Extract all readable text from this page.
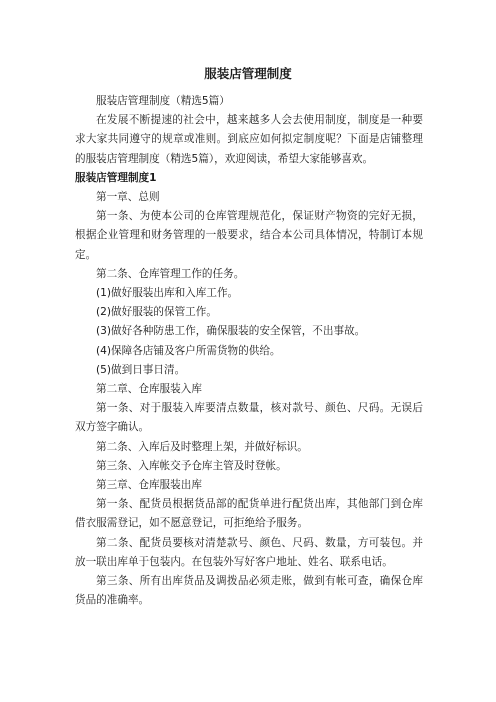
服装店管理制度

服装店管理制度（精选5篇）

在发展不断提速的社会中，越来越多人会去使用制度，制度是一种要求大家共同遵守的规章或准则。到底应如何拟定制度呢？下面是店铺整理的服装店管理制度（精选5篇），欢迎阅读，希望大家能够喜欢。

服装店管理制度1

第一章、总则

第一条、为使本公司的仓库管理规范化，保证财产物资的完好无损，根据企业管理和财务管理的一般要求，结合本公司具体情况，特制订本规定。

第二条、仓库管理工作的任务。

(1)做好服装出库和入库工作。

(2)做好服装的保管工作。

(3)做好各种防患工作，确保服装的安全保管，不出事故。

(4)保障各店铺及客户所需货物的供给。

(5)做到日事日清。

第二章、仓库服装入库

第一条、对于服装入库要清点数量，核对款号、颜色、尺码。无误后双方签字确认。

第二条、入库后及时整理上架，并做好标识。

第三条、入库帐交予仓库主管及时登帐。

第三章、仓库服装出库

第一条、配货员根据货品部的配货单进行配货出库，其他部门到仓库借衣服需登记，如不愿意登记，可拒绝给予服务。

第二条、配货员要核对清楚款号、颜色、尺码、数量，方可装包。并放一联出库单于包装内。在包装外写好客户地址、姓名、联系电话。

第三条、所有出库货品及调拨品必须走账，做到有帐可查，确保仓库货品的准确率。
